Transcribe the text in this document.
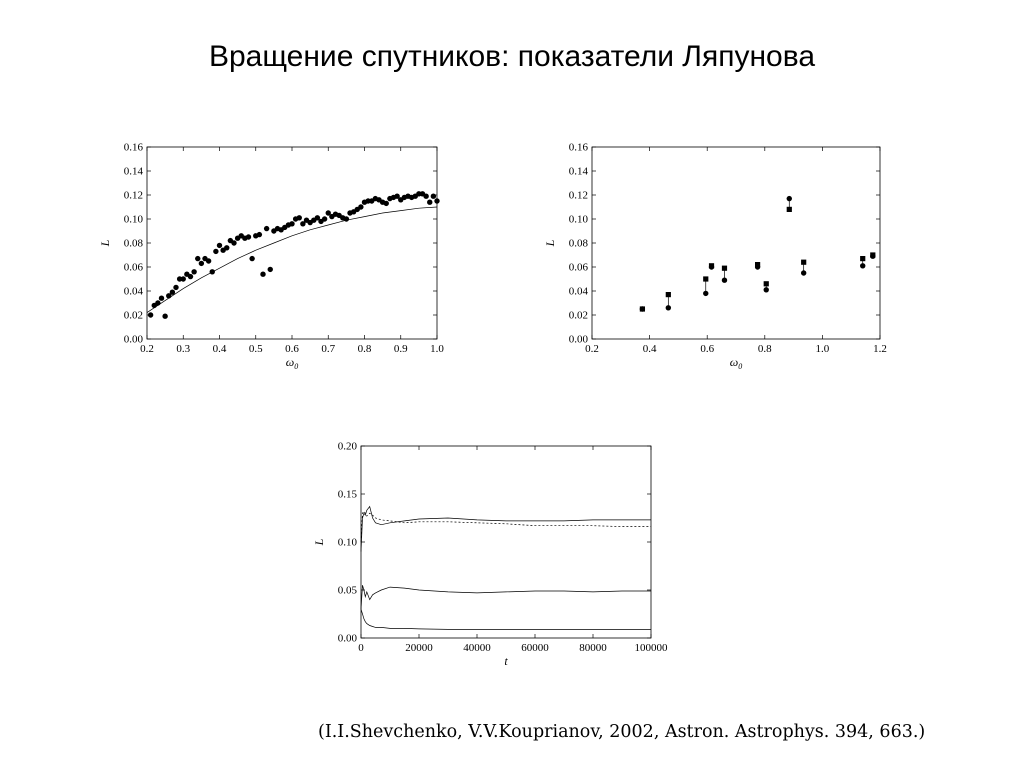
Вращение спутников: показатели Ляпунова
0.2 0.3 0.4 0.5 0.6 0.7 0.8 0.9 1.0
0.00
0.02
0.04
0.06
0.08
0.10
0.12
0.14
0.16
$\omega_0$
L
0.2	0.4	0.6	0.8	1.0	1.2
0.00
0.02
0.04
0.06
0.08
0.10
0.12
0.14
0.16
$\omega_0$
L
0	20000	40000	60000	80000	100000
0.00
0.05
0.10
0.15
0.20
t
L
(I.I.Shevchenko, V.V.Kouprianov, 2002, Astron. Astrophys. 394, 663.)
